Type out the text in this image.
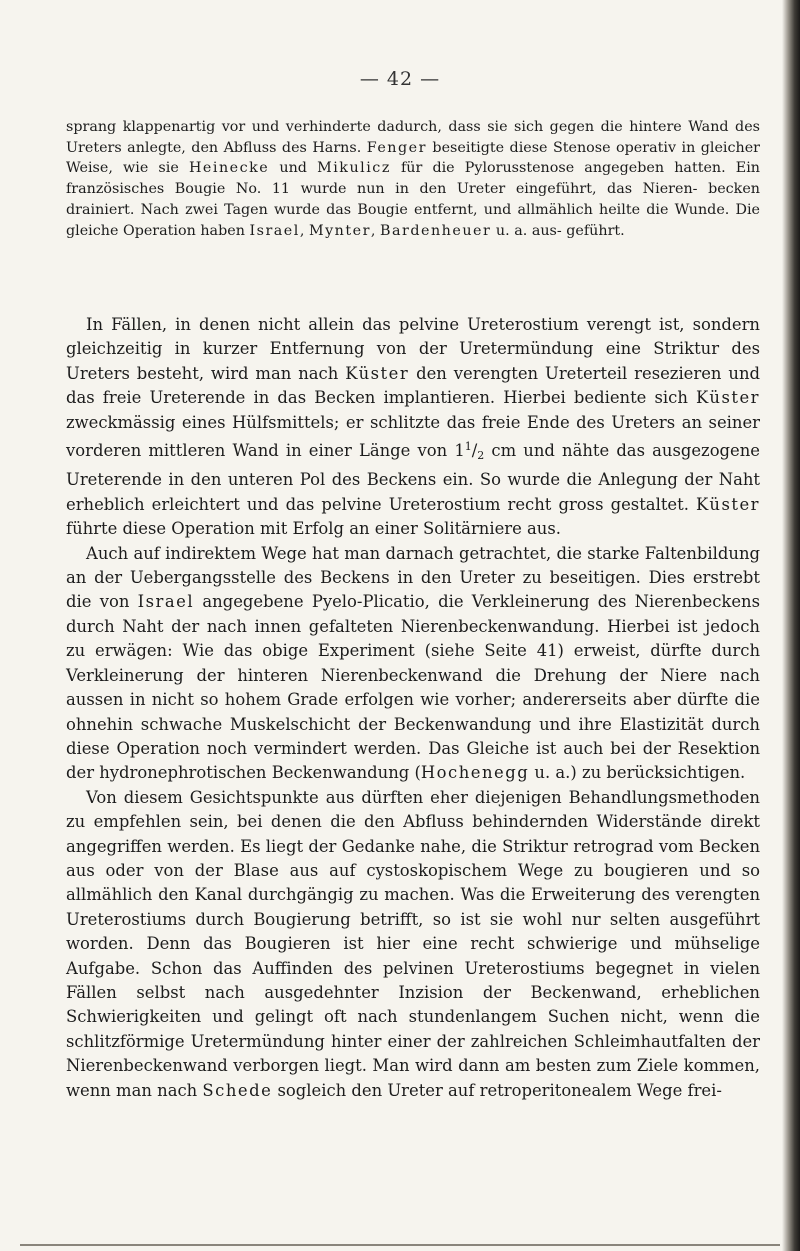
— 42 —

sprang klappenartig vor und verhinderte dadurch, dass sie sich gegen die hintere Wand des Ureters anlegte, den Abfluss des Harns. Fenger beseitigte diese Stenose operativ in gleicher Weise, wie sie Heinecke und Mikulicz für die Pylorusstenose angegeben hatten. Ein französisches Bougie No. 11 wurde nun in den Ureter eingeführt, das Nieren- becken drainiert. Nach zwei Tagen wurde das Bougie entfernt, und allmählich heilte die Wunde. Die gleiche Operation haben Israel, Mynter, Bardenheuer u. a. aus- geführt.

In Fällen, in denen nicht allein das pelvine Ureterostium verengt ist, sondern gleichzeitig in kurzer Entfernung von der Uretermündung eine Striktur des Ureters besteht, wird man nach Küster den verengten Ureterteil resezieren und das freie Ureterende in das Becken implantieren. Hierbei bediente sich Küster zweckmässig eines Hülfsmittels; er schlitzte das freie Ende des Ureters an seiner vorderen mittleren Wand in einer Länge von $1^1/_2$ cm und nähte das ausgezogene Ureterende in den unteren Pol des Beckens ein. So wurde die Anlegung der Naht erheblich erleichtert und das pelvine Ureterostium recht gross gestaltet. Küster führte diese Operation mit Erfolg an einer Solitärniere aus.

Auch auf indirektem Wege hat man darnach getrachtet, die starke Faltenbildung an der Uebergangsstelle des Beckens in den Ureter zu beseitigen. Dies erstrebt die von Israel angegebene Pyelo-Plicatio, die Verkleinerung des Nierenbeckens durch Naht der nach innen gefalteten Nierenbeckenwandung. Hierbei ist jedoch zu erwägen: Wie das obige Experiment (siehe Seite 41) erweist, dürfte durch Verkleinerung der hinteren Nierenbeckenwand die Drehung der Niere nach aussen in nicht so hohem Grade erfolgen wie vorher; andererseits aber dürfte die ohnehin schwache Muskelschicht der Beckenwandung und ihre Elastizität durch diese Operation noch vermindert werden. Das Gleiche ist auch bei der Resektion der hydronephrotischen Beckenwandung (Hochenegg u. a.) zu berücksichtigen.

Von diesem Gesichtspunkte aus dürften eher diejenigen Behandlungsmethoden zu empfehlen sein, bei denen die den Abfluss behindernden Widerstände direkt angegriffen werden. Es liegt der Gedanke nahe, die Striktur retrograd vom Becken aus oder von der Blase aus auf cystoskopischem Wege zu bougieren und so allmählich den Kanal durchgängig zu machen. Was die Erweiterung des verengten Ureterostiums durch Bougierung betrifft, so ist sie wohl nur selten ausgeführt worden. Denn das Bougieren ist hier eine recht schwierige und mühselige Aufgabe. Schon das Auffinden des pelvinen Ureterostiums begegnet in vielen Fällen selbst nach ausgedehnter Inzision der Beckenwand, erheblichen Schwierigkeiten und gelingt oft nach stundenlangem Suchen nicht, wenn die schlitzförmige Uretermündung hinter einer der zahlreichen Schleimhautfalten der Nierenbeckenwand verborgen liegt. Man wird dann am besten zum Ziele kommen, wenn man nach Schede sogleich den Ureter auf retroperitonealem Wege frei-
